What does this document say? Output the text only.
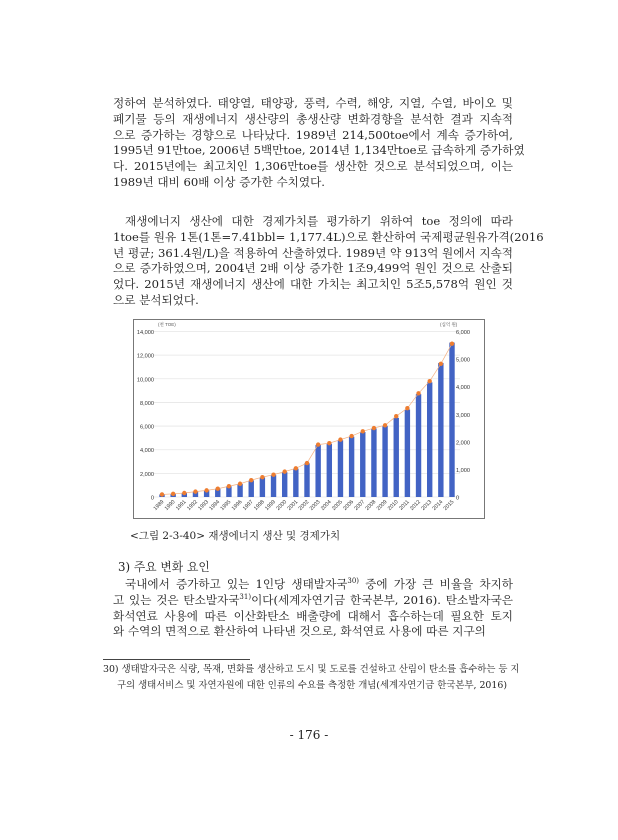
정하여 분석하였다. 태양열, 태양광, 풍력, 수력, 해양, 지열, 수열, 바이오 및
폐기물 등의 재생에너지 생산량의 총생산량 변화경향을 분석한 결과 지속적
으로 증가하는 경향으로 나타났다. 1989년 214,500toe에서 계속 증가하여,
1995년 91만toe, 2006년 5백만toe, 2014년 1,134만toe로 급속하게 증가하였
다. 2015년에는 최고치인 1,306만toe를 생산한 것으로 분석되었으며, 이는
1989년 대비 60배 이상 증가한 수치였다.
재생에너지 생산에 대한 경제가치를 평가하기 위하여 toe 정의에 따라
1toe를 원유 1톤(1톤=7.41bbl= 1,177.4L)으로 환산하여 국제평균원유가격(2016
년 평균; 361.4원/L)을 적용하여 산출하였다. 1989년 약 913억 원에서 지속적
으로 증가하였으며, 2004년 2배 이상 증가한 1조9,499억 원인 것으로 산출되
었다. 2015년 재생에너지 생산에 대한 가치는 최고치인 5조5,578억 원인 것
으로 분석되었다.
0
2,000
4,000
6,000
8,000
10,000
12,000
14,000
0
1,000
2,000
3,000
4,000
5,000
6,000
(천 TOE)	(십억 원)
1989
1990
1991
1992
1993
1994
1995
1996
1997
1998
1999
2000
2001
2002
2003
2004
2005
2006
2007
2008
2009
2010
2011
2012
2013
2014
2015
<그림 2-3-40> 재생에너지 생산 및 경제가치
3) 주요 변화 요인
국내에서 증가하고 있는 1인당 생태발자국$^{30)}$ 중에 가장 큰 비율을 차지하
고 있는 것은 탄소발자국$^{31)}$이다(세계자연기금 한국본부, 2016). 탄소발자국은
화석연료 사용에 따른 이산화탄소 배출량에 대해서 흡수하는데 필요한 토지
와 수역의 면적으로 환산하여 나타낸 것으로, 화석연료 사용에 따른 지구의
30) 생태발자국은 식량, 목재, 면화를 생산하고 도시 및 도로를 건설하고 산림이 탄소를 흡수하는 등 지
구의 생태서비스 및 자연자원에 대한 인류의 수요를 측정한 개념(세계자연기금 한국본부, 2016)
- 176 -
